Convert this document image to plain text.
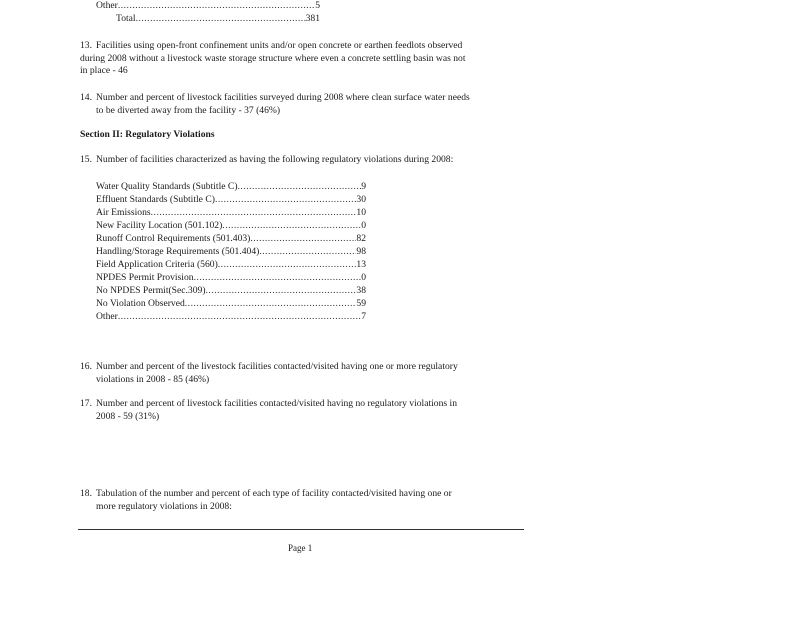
Other .....	5
Total .....	381
13. Facilities using open-front confinement units and/or open concrete or earthen feedlots observed
during 2008 without a livestock waste storage structure where even a concrete settling basin was not
in place - 46
14. Number and percent of livestock facilities surveyed during 2008 where clean surface water needs
to be diverted away from the facility - 37 (46%)
Section II: Regulatory Violations
15. Number of facilities characterized as having the following regulatory violations during 2008:
Water Quality Standards (Subtitle C) .....	9
Effluent Standards (Subtitle C) .....	30
Air Emissions .....	10
New Facility Location (501.102) .....	0
Runoff Control Requirements (501.403) .....	82
Handling/Storage Requirements (501.404) .....	98
Field Application Criteria (560) .....	13
NPDES Permit Provision .....	0
No NPDES Permit(Sec.309) .....	38
No Violation Observed .....	59
Other .....	7
16. Number and percent of the livestock facilities contacted/visited having one or more regulatory
violations in 2008 - 85 (46%)
17. Number and percent of livestock facilities contacted/visited having no regulatory violations in
2008 - 59 (31%)
18. Tabulation of the number and percent of each type of facility contacted/visited having one or
more regulatory violations in 2008:
Page 1
